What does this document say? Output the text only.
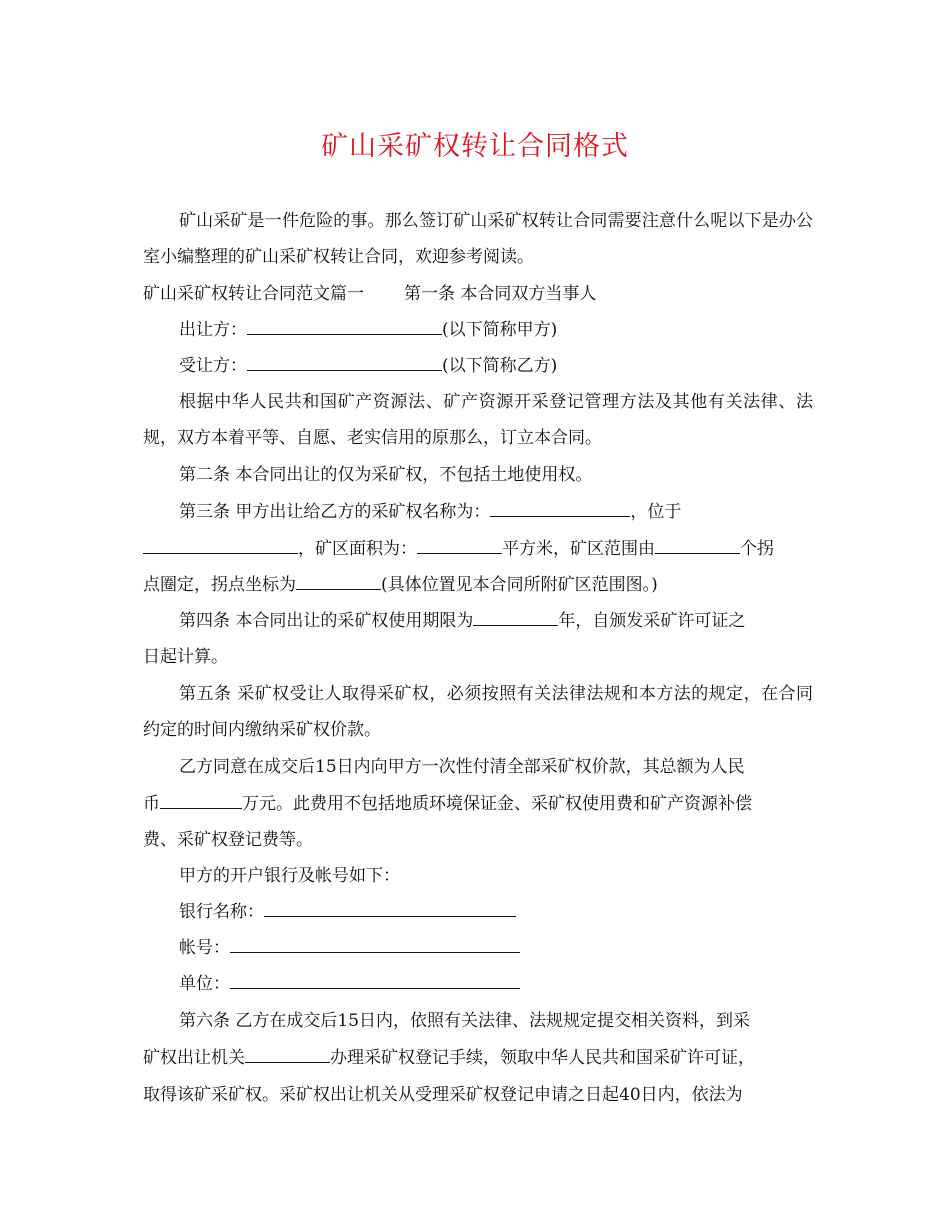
矿山采矿权转让合同格式

矿山采矿是一件危险的事。那么签订矿山采矿权转让合同需要注意什么呢以下是办公室小编整理的矿山采矿权转让合同，欢迎参考阅读。

矿山采矿权转让合同范文篇一 第一条 本合同双方当事人
出让方：	(以下简称甲方)
受让方：	(以下简称乙方)

根据中华人民共和国矿产资源法、矿产资源开采登记管理方法及其他有关法律、法规，双方本着平等、自愿、老实信用的原那么，订立本合同。

第二条 本合同出让的仅为采矿权，不包括土地使用权。
第三条 甲方出让给乙方的采矿权名称为：	，位于
，矿区面积为：	平方米，矿区范围由	个拐
点圈定，拐点坐标为	(具体位置见本合同所附矿区范围图。)
第四条 本合同出让的采矿权使用期限为	年，自颁发采矿许可证之
日起计算。

第五条 采矿权受让人取得采矿权，必须按照有关法律法规和本方法的规定，在合同约定的时间内缴纳采矿权价款。

乙方同意在成交后15日内向甲方一次性付清全部采矿权价款，其总额为人民
币	万元。此费用不包括地质环境保证金、采矿权使用费和矿产资源补偿
费、采矿权登记费等。
甲方的开户银行及帐号如下：
银行名称：
帐号：
单位：
第六条 乙方在成交后15日内，依照有关法律、法规规定提交相关资料，到采
矿权出让机关	办理采矿权登记手续，领取中华人民共和国采矿许可证，
取得该矿采矿权。采矿权出让机关从受理采矿权登记申请之日起40日内，依法为
